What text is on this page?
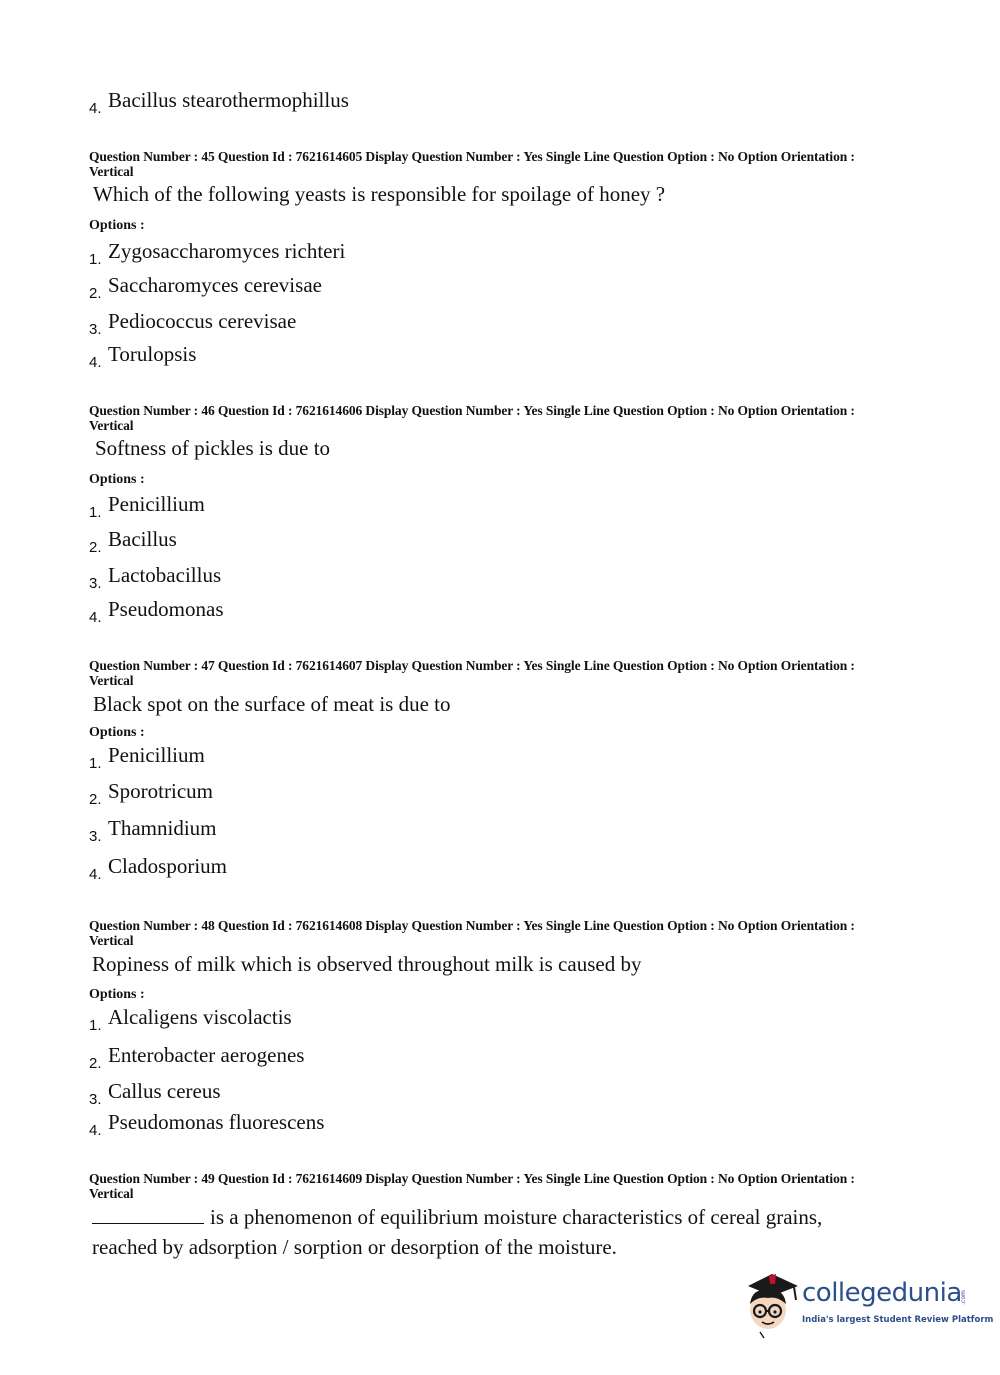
4. Bacillus stearothermophillus
Question Number : 45 Question Id : 7621614605 Display Question Number : Yes Single Line Question Option : No Option Orientation : Vertical
Which of the following yeasts is responsible for spoilage of honey ?
Options :
1. Zygosaccharomyces richteri
2. Saccharomyces cerevisae
3. Pediococcus cerevisae
4. Torulopsis
Question Number : 46 Question Id : 7621614606 Display Question Number : Yes Single Line Question Option : No Option Orientation : Vertical
Softness of pickles is due to
Options :
1. Penicillium
2. Bacillus
3. Lactobacillus
4. Pseudomonas
Question Number : 47 Question Id : 7621614607 Display Question Number : Yes Single Line Question Option : No Option Orientation : Vertical
Black spot on the surface of meat is due to
Options :
1. Penicillium
2. Sporotricum
3. Thamnidium
4. Cladosporium
Question Number : 48 Question Id : 7621614608 Display Question Number : Yes Single Line Question Option : No Option Orientation : Vertical
Ropiness of milk which is observed throughout milk is caused by
Options :
1. Alcaligens viscolactis
2. Enterobacter aerogenes
3. Callus cereus
4. Pseudomonas fluorescens
Question Number : 49 Question Id : 7621614609 Display Question Number : Yes Single Line Question Option : No Option Orientation : Vertical
is a phenomenon of equilibrium moisture characteristics of cereal grains,
reached by adsorption / sorption or desorption of the moisture.
collegedunia
.com
India's largest Student Review Platform
